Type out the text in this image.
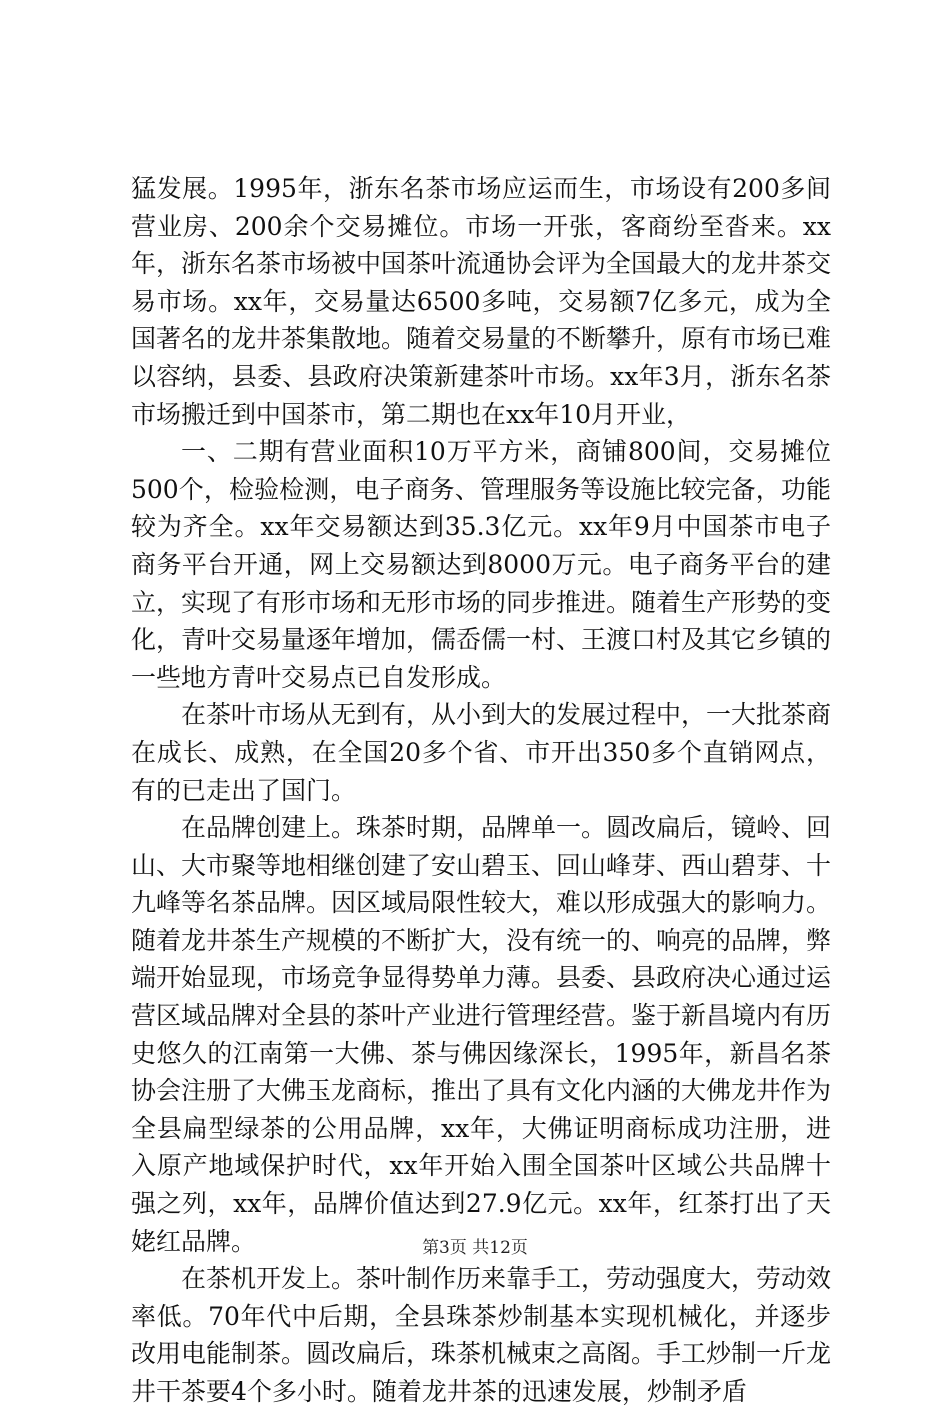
猛发展。1995年，浙东名茶市场应运而生，市场设有200多间营业房、200余个交易摊位。市场一开张，客商纷至沓来。xx年，浙东名茶市场被中国茶叶流通协会评为全国最大的龙井茶交易市场。xx年，交易量达6500多吨，交易额7亿多元，成为全国著名的龙井茶集散地。随着交易量的不断攀升，原有市场已难以容纳，县委、县政府决策新建茶叶市场。xx年3月，浙东名茶市场搬迁到中国茶市，第二期也在xx年10月开业，

一、二期有营业面积10万平方米，商铺800间，交易摊位500个，检验检测，电子商务、管理服务等设施比较完备，功能较为齐全。xx年交易额达到35.3亿元。xx年9月中国茶市电子商务平台开通，网上交易额达到8000万元。电子商务平台的建立，实现了有形市场和无形市场的同步推进。随着生产形势的变化，青叶交易量逐年增加，儒岙儒一村、王渡口村及其它乡镇的一些地方青叶交易点已自发形成。

在茶叶市场从无到有，从小到大的发展过程中，一大批茶商在成长、成熟，在全国20多个省、市开出350多个直销网点，有的已走出了国门。

在品牌创建上。珠茶时期，品牌单一。圆改扁后，镜岭、回山、大市聚等地相继创建了安山碧玉、回山峰芽、西山碧芽、十九峰等名茶品牌。因区域局限性较大，难以形成强大的影响力。随着龙井茶生产规模的不断扩大，没有统一的、响亮的品牌，弊端开始显现，市场竞争显得势单力薄。县委、县政府决心通过运营区域品牌对全县的茶叶产业进行管理经营。鉴于新昌境内有历史悠久的江南第一大佛、茶与佛因缘深长，1995年，新昌名茶协会注册了大佛玉龙商标，推出了具有文化内涵的大佛龙井作为全县扁型绿茶的公用品牌，xx年，大佛证明商标成功注册，进入原产地域保护时代，xx年开始入围全国茶叶区域公共品牌十强之列，xx年，品牌价值达到27.9亿元。xx年，红茶打出了天姥红品牌。

在茶机开发上。茶叶制作历来靠手工，劳动强度大，劳动效率低。70年代中后期，全县珠茶炒制基本实现机械化，并逐步改用电能制茶。圆改扁后，珠茶机械束之高阁。手工炒制一斤龙井干茶要4个多小时。随着龙井茶的迅速发展，炒制矛盾

第3页 共12页
